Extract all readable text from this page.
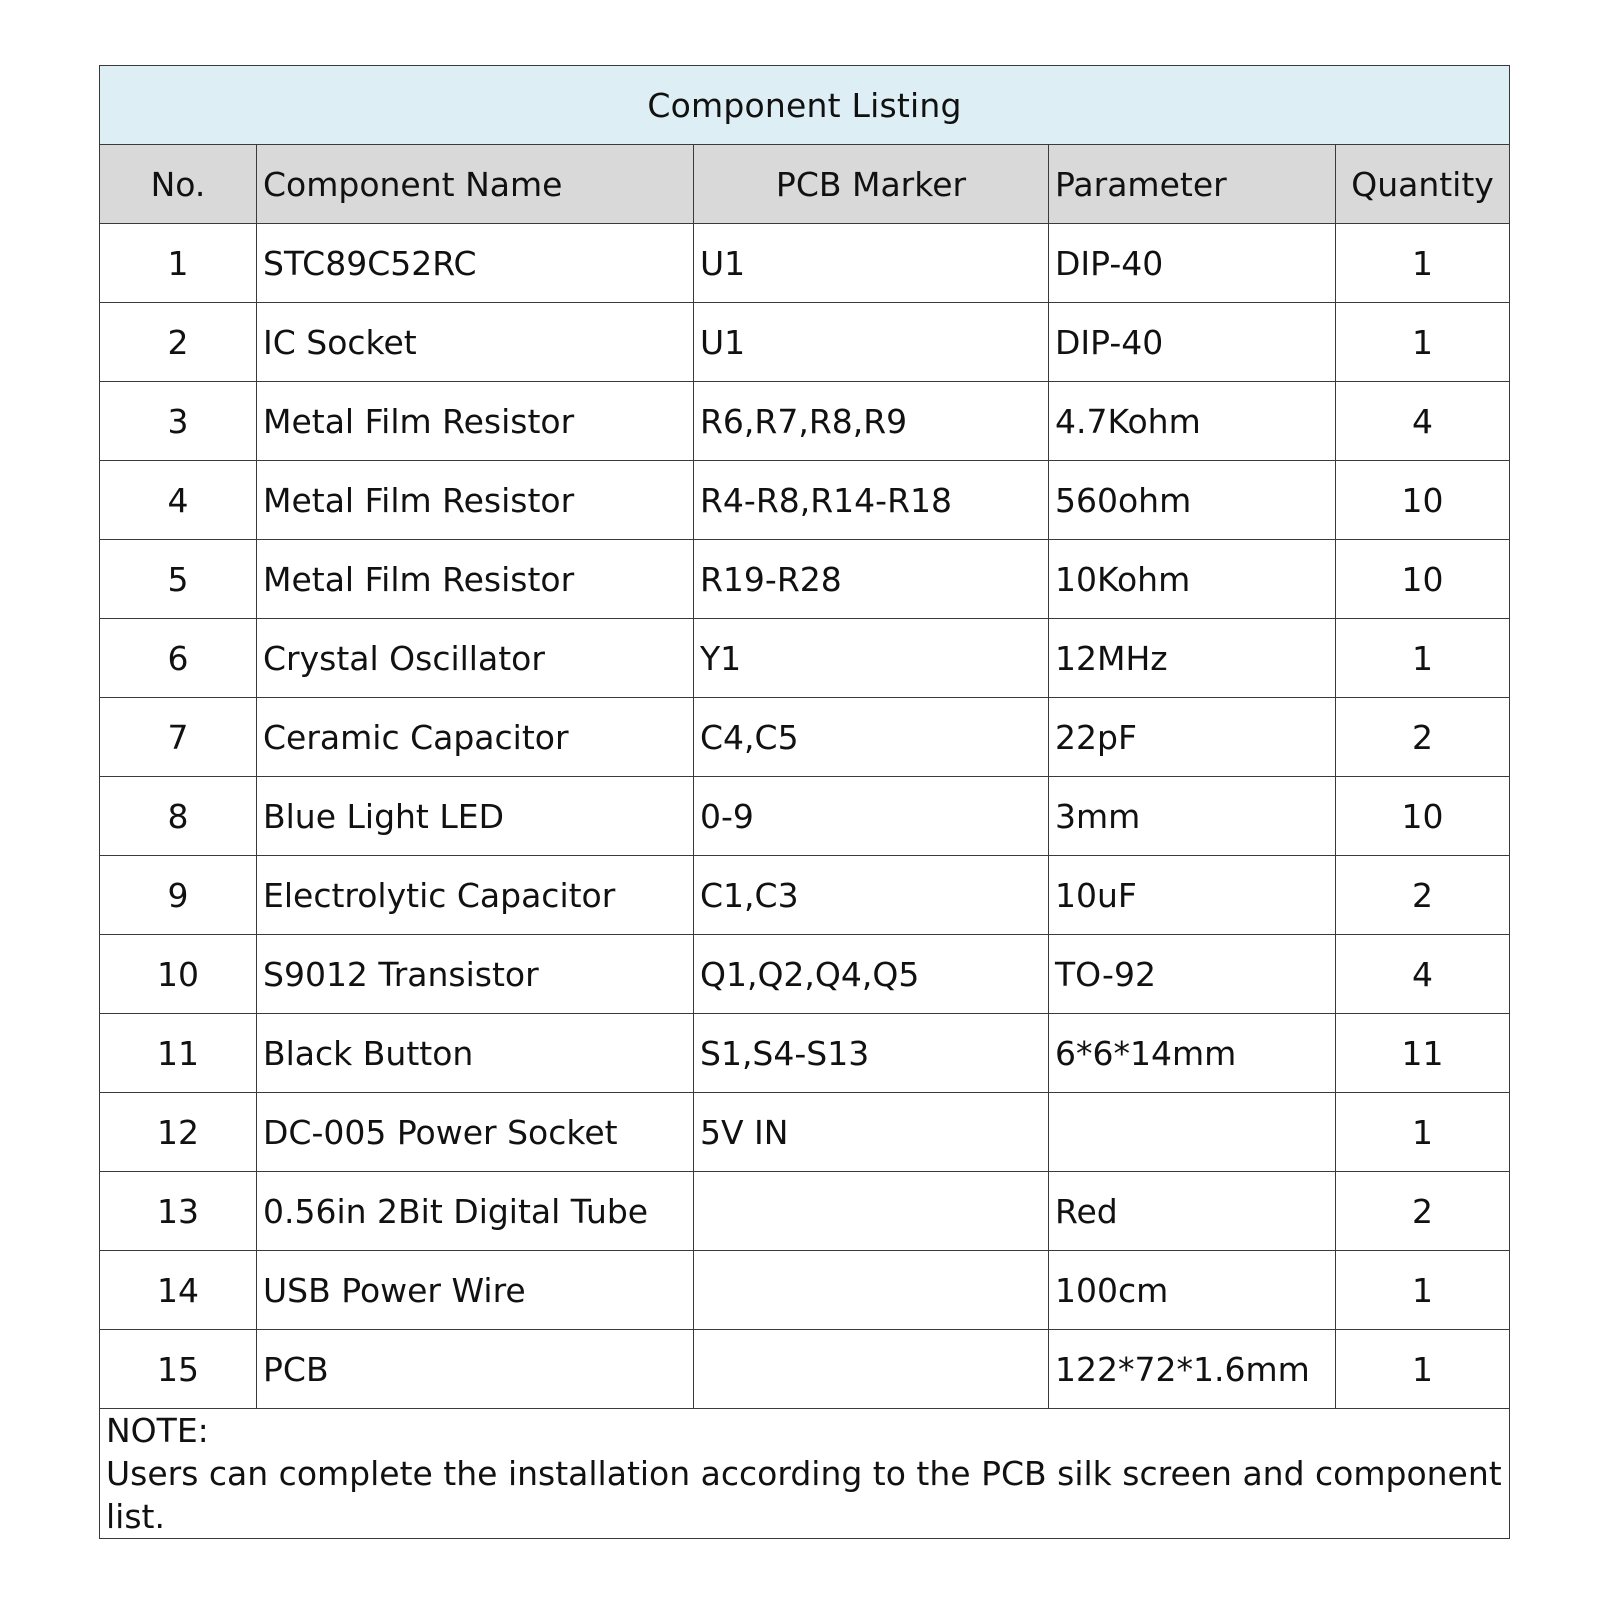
Component Listing				
No.	Component Name	PCB Marker	Parameter	Quantity
1	STC89C52RC	U1	DIP-40	1
2	IC Socket	U1	DIP-40	1
3	Metal Film Resistor	R6,R7,R8,R9	4.7Kohm	4
4	Metal Film Resistor	R4-R8,R14-R18	560ohm	10
5	Metal Film Resistor	R19-R28	10Kohm	10
6	Crystal Oscillator	Y1	12MHz	1
7	Ceramic Capacitor	C4,C5	22pF	2
8	Blue Light LED	0-9	3mm	10
9	Electrolytic Capacitor	C1,C3	10uF	2
10	S9012 Transistor	Q1,Q2,Q4,Q5	TO-92	4
11	Black Button	S1,S4-S13	6*6*14mm	11
12	DC-005 Power Socket	5V IN		1
13	0.56in 2Bit Digital Tube		Red	2
14	USB Power Wire		100cm	1
15	PCB		122*72*1.6mm	1

NOTE:
Users can complete the installation according to the PCB silk screen and component list.				
